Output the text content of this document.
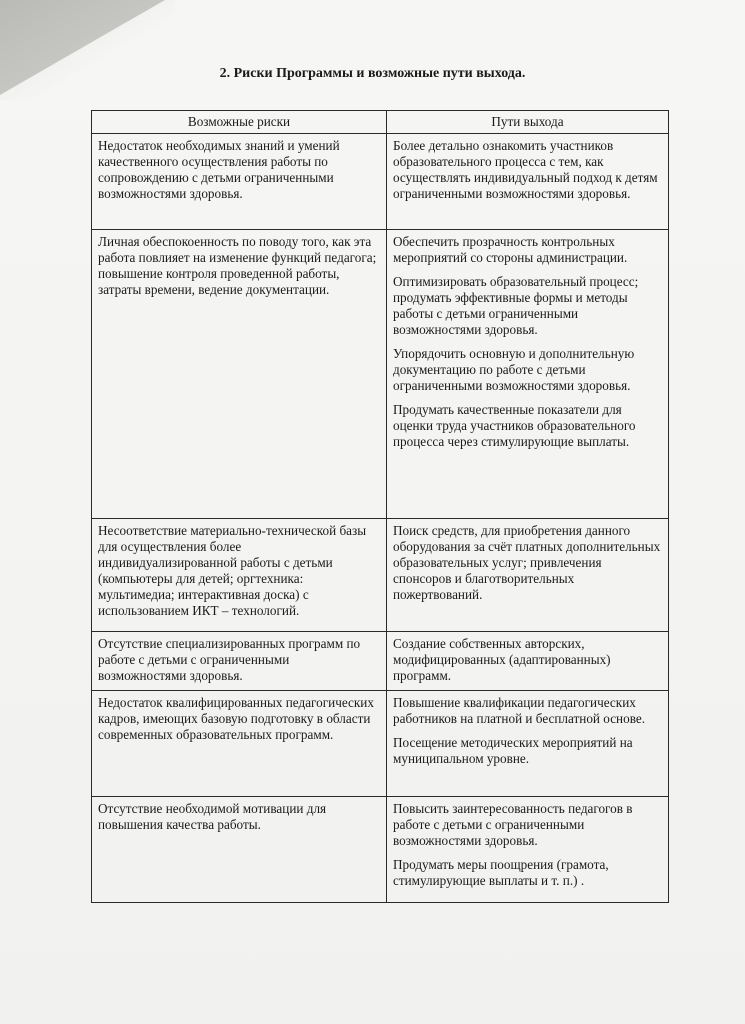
2. Риски Программы и возможные пути выхода.
Возможные риски	Пути выхода
Недостаток необходимых знаний и умений качественного осуществления работы по сопровождению с детьми ограниченными возможностями здоровья.	Более детально ознакомить участников образовательного процесса с тем, как осуществлять индивидуальный подход к детям ограниченными возможностями здоровья.

Личная обеспокоенность по поводу того, как эта работа повлияет на изменение функций педагога; повышение контроля проведенной работы, затраты времени, ведение документации.	Обеспечить прозрачность контрольных мероприятий со стороны администрации.
Оптимизировать образовательный процесс; продумать эффективные формы и методы работы с детьми ограниченными возможностями здоровья.
Упорядочить основную и дополнительную документацию по работе с детьми ограниченными возможностями здоровья.
Продумать качественные показатели для оценки труда участников образовательного процесса через стимулирующие выплаты.

Несоответствие материально-технической базы для осуществления более индивидуализированной работы с детьми (компьютеры для детей; оргтехника: мультимедиа; интерактивная доска) с использованием ИКТ – технологий.	Поиск средств, для приобретения данного оборудования за счёт платных дополнительных образовательных услуг; привлечения спонсоров и благотворительных пожертвований.

Отсутствие специализированных программ по работе с детьми с ограниченными возможностями здоровья.	Создание собственных авторских, модифицированных (адаптированных) программ.

Недостаток квалифицированных педагогических кадров, имеющих базовую подготовку в области современных образовательных программ.	Повышение квалификации педагогических работников на платной и бесплатной основе.
Посещение методических мероприятий на муниципальном уровне.

Отсутствие необходимой мотивации для повышения качества работы.	Повысить заинтересованность педагогов в работе с детьми с ограниченными возможностями здоровья.
Продумать меры поощрения (грамота, стимулирующие выплаты и т. п.) .
